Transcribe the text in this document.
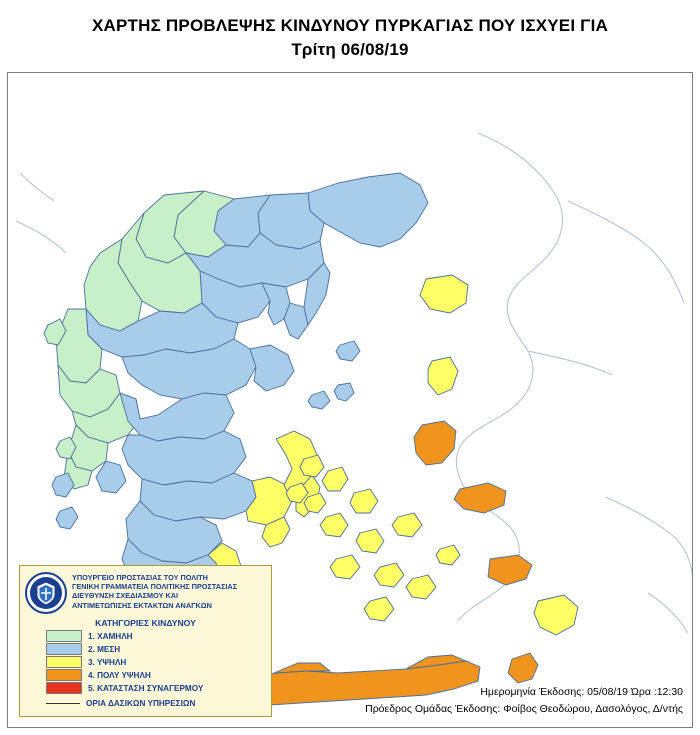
ΧΑΡΤΗΣ ΠΡΟΒΛΕΨΗΣ ΚΙΝΔΥΝΟΥ ΠΥΡΚΑΓΙΑΣ ΠΟΥ ΙΣΧΥΕΙ ΓΙΑ
Τρίτη 06/08/19
ΥΠΟΥΡΓΕΙΟ ΠΡΟΣΤΑΣΙΑΣ ΤΟΥ ΠΟΛΙΤΗ
ΓΕΝΙΚΗ ΓΡΑΜΜΑΤΕΙΑ ΠΟΛΙΤΙΚΗΣ ΠΡΟΣΤΑΣΙΑΣ
ΔΙΕΥΘΥΝΣΗ ΣΧΕΔΙΑΣΜΟΥ ΚΑΙ
ΑΝΤΙΜΕΤΩΠΙΣΗΣ ΕΚΤΑΚΤΩΝ ΑΝΑΓΚΩΝ
ΚΑΤΗΓΟΡΙΕΣ ΚΙΝΔΥΝΟΥ
1. ΧΑΜΗΛΗ
2. ΜΕΣΗ
3. ΥΨΗΛΗ
4. ΠΟΛΥ ΥΨΗΛΗ
5. ΚΑΤΑΣΤΑΣΗ ΣΥΝΑΓΕΡΜΟΥ
ΟΡΙΑ ΔΑΣΙΚΩΝ ΥΠΗΡΕΣΙΩΝ
Ημερομηνία Έκδοσης: 05/08/19 Ώρα :12:30
Πρόεδρος Ομάδας Έκδοσης: Φοίβος Θεοδώρου, Δασολόγος, Δ/ντής
